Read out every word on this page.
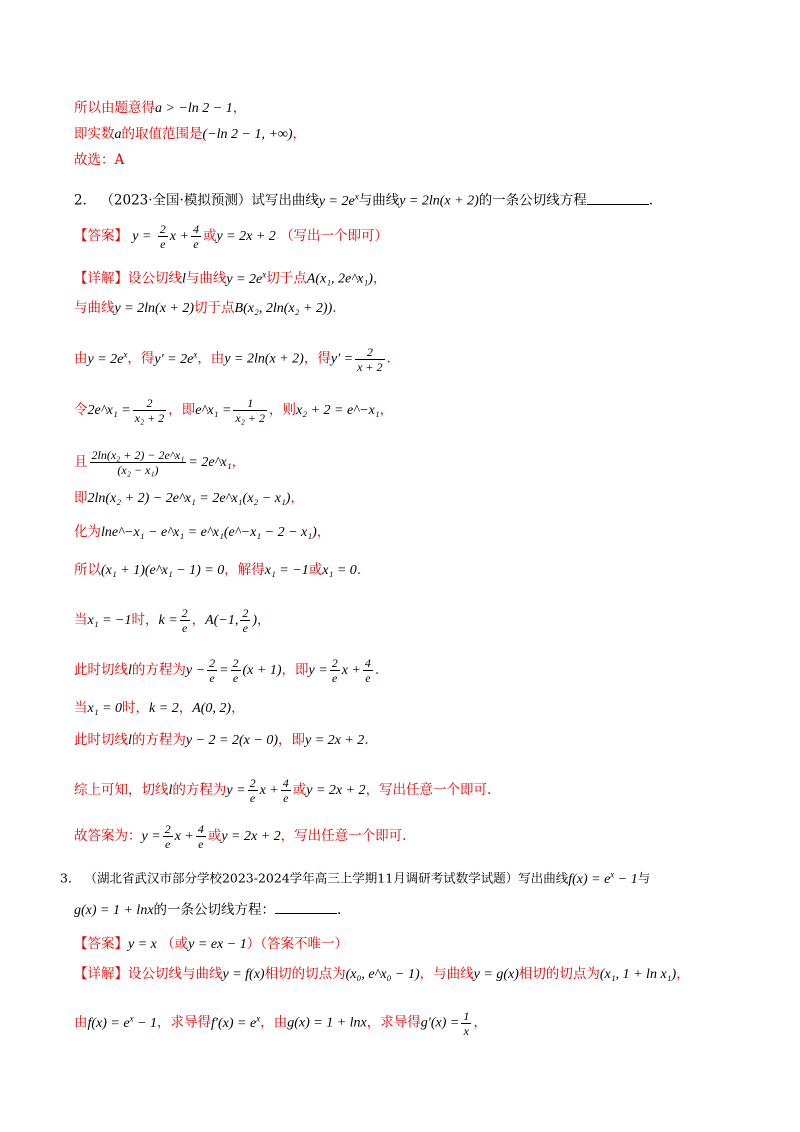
所以由题意得a > −ln 2 − 1，
即实数a的取值范围是(−ln 2 − 1, +∞)，
故选：A
2． （2023·全国·模拟预测）试写出曲线$y = 2e^x$与曲线y = 2ln(x + 2)的一条公切线方程	.
【答案】 $y = \frac{2}{e}$ $x + \frac{4}{e}$ 或y = 2x + 2 （写出一个即可）
【详解】设公切线l与曲线$y = 2e^x$切于点A(x₁, 2e^x₁)，
与曲线y = 2ln(x + 2)切于点B(x₂, 2ln(x₂ + 2)).
由$y = 2e^x$，得$y' = 2e^x$，由y = 2ln(x + 2)，得$y' = \frac{2}{x + 2}$ .
令2e^x₁ = $\frac{2}{\text{x₂ + 2}}$ ，即e^x₁ = $\frac{1}{\text{x₂ + 2}}$ ，则x₂ + 2 = e^−x₁，
且 $\frac{\text{2ln(x₂ + 2) − 2e\textasciicircum{}x₁}}{\text{(x₂ − x₁)}}$ = 2e^x₁，
即2ln(x₂ + 2) − 2e^x₁ = 2e^x₁(x₂ − x₁)，
化为lne^−x₁ − e^x₁ = e^x₁(e^−x₁ − 2 − x₁)，
所以(x₁ + 1)(e^x₁ − 1) = 0，解得x₁ = −1或x₁ = 0.
当x₁ = −1时，$k = \frac{2}{e}$ ，A(−1, $\frac{2}{e}$ )，
此时切线l的方程为$y - \frac{2}{e} = \frac{2}{e} (x + 1)$，即$y = \frac{2}{e}$ $x + \frac{4}{e}$ .
当x₁ = 0时，k = 2，A(0, 2)，
此时切线l的方程为y − 2 = 2(x − 0)，即y = 2x + 2.
综上可知，切线l的方程为$y = \frac{2}{e}$ $x + \frac{4}{e}$ 或y = 2x + 2，写出任意一个即可.
故答案为：$y = \frac{2}{e}$ $x + \frac{4}{e}$ 或y = 2x + 2，写出任意一个即可.
3． （湖北省武汉市部分学校2023-2024学年高三上学期11月调研考试数学试题）写出曲线$f(x) = e^x - 1$与
g(x) = 1 + lnx的一条公切线方程：	.
【答案】y = x （或y = ex − 1）（答案不唯一）
【详解】设公切线与曲线y = f(x)相切的切点为(x₀, e^x₀ − 1)，与曲线y = g(x)相切的切点为(x₁, 1 + ln x₁)，
由$f(x) = e^x - 1$，求导得$f'(x) = e^x$，由g(x) = 1 + lnx，求导得$g'(x) = \frac{1}{x}$ ，
